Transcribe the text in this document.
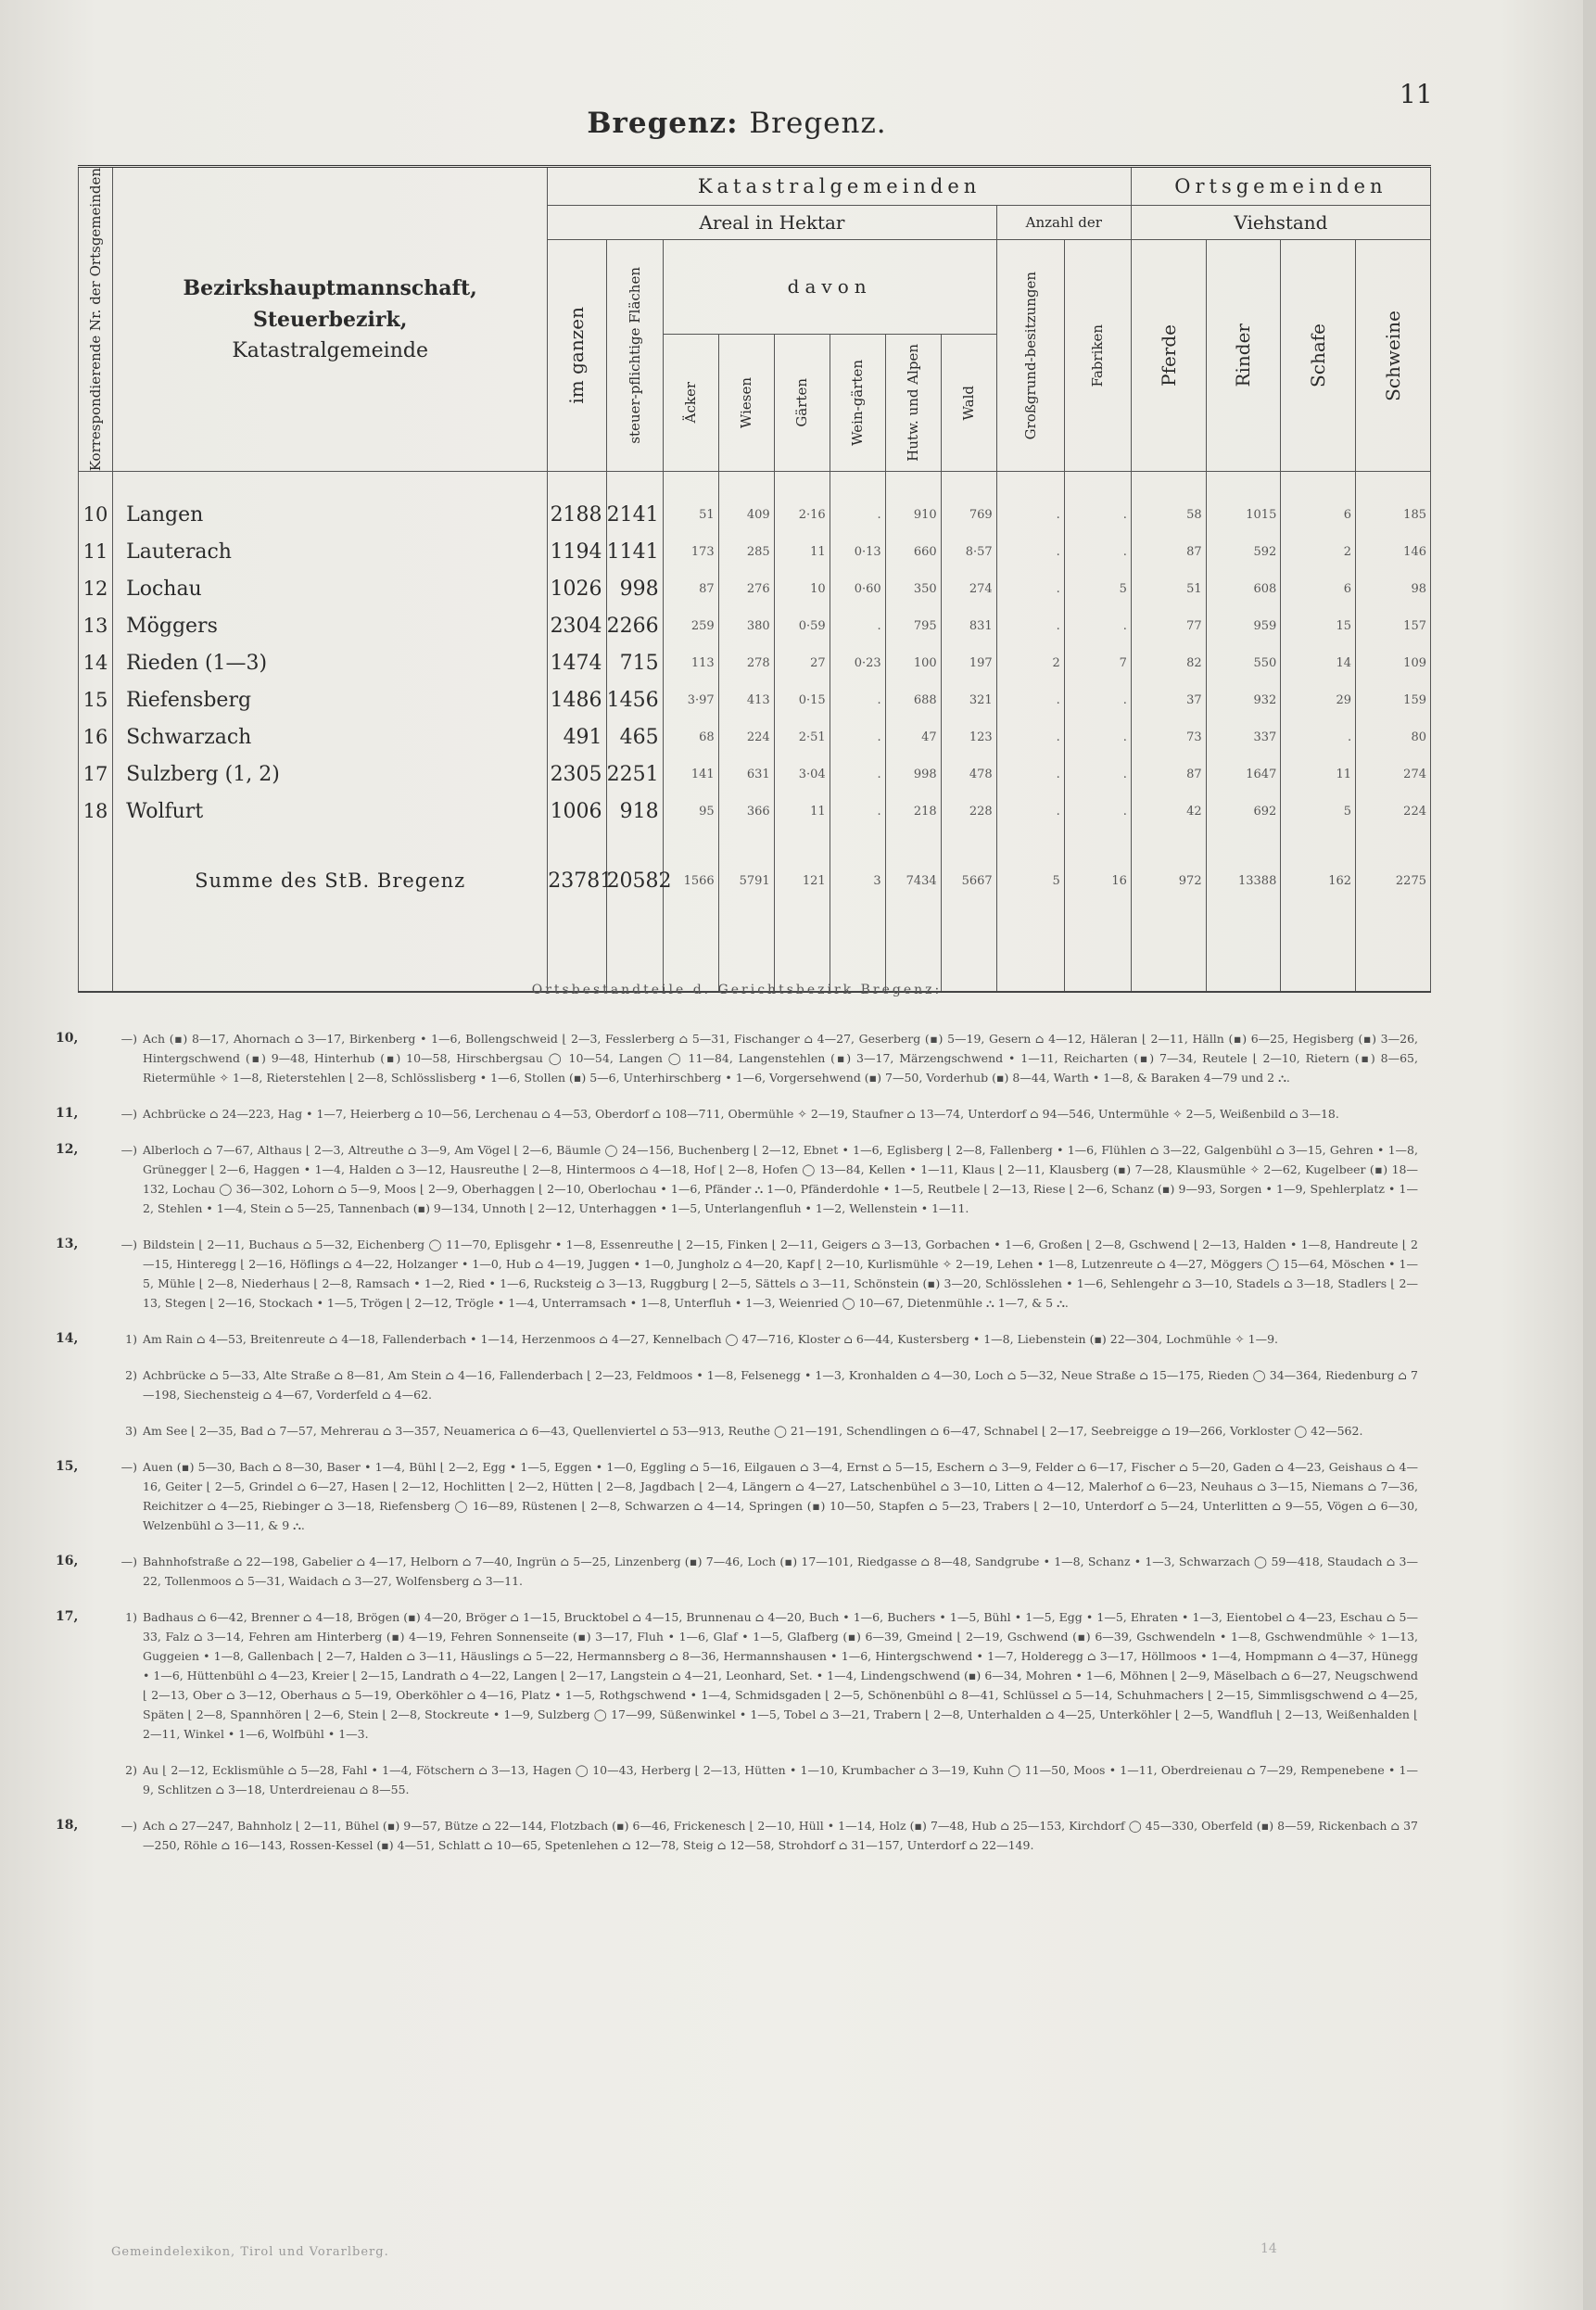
Bregenz: Bregenz.
11
Korrespondierende Nr. der Ortsgemeinden	Bezirkshauptmannschaft,
Steuerbezirk,
Katastralgemeinde	Katastralgemeinden										Ortsgemeinden			
		Areal in Hektar								Anzahl der		Viehstand			

		im ganzen	steuer-pflichtige Flächen	davon						Großgrund-besitzungen	Fabriken	Pferde	Rinder	Schafe	Schweine

				Äcker	Wiesen	Gärten	Wein-gärten	Hutw. und Alpen	Wald						

10	Langen	2188	2141	51	409	2·16	.	910	769	.	.	58	1015	6	185
11	Lauterach	1194	1141	173	285	11	0·13	660	8·57	.	.	87	592	2	146
12	Lochau	1026	998	87	276	10	0·60	350	274	.	5	51	608	6	98
13	Möggers	2304	2266	259	380	0·59	.	795	831	.	.	77	959	15	157
14	Rieden (1—3)	1474	715	113	278	27	0·23	100	197	2	7	82	550	14	109
15	Riefensberg	1486	1456	3·97	413	0·15	.	688	321	.	.	37	932	29	159
16	Schwarzach	491	465	68	224	2·51	.	47	123	.	.	73	337	.	80
17	Sulzberg (1, 2)	2305	2251	141	631	3·04	.	998	478	.	.	87	1647	11	274
18	Wolfurt	1006	918	95	366	11	.	218	228	.	.	42	692	5	224

	Summe des StB. Bregenz	23781	20582	1566	5791	121	3	7434	5667	5	16	972	13388	162	2275

Ortsbestandteile d. Gerichtsbezirk Bregenz:
10,	—) Ach (▪) 8—17, Ahornach ⌂ 3—17, Birkenberg • 1—6, Bollengschweid ⌊ 2—3, Fesslerberg ⌂ 5—31, Fischanger ⌂ 4—27, Geserberg (▪) 5—19, Gesern ⌂ 4—12, Häleran ⌊ 2—11, Hälln (▪) 6—25, Hegisberg (▪) 3—26, Hintergschwend (▪) 9—48, Hinterhub (▪) 10—58, Hirschbergsau ◯ 10—54, Langen ◯ 11—84, Langenstehlen (▪) 3—17, Märzengschwend • 1—11, Reicharten (▪) 7—34, Reutele ⌊ 2—10, Rietern (▪) 8—65, Rietermühle ✧ 1—8, Rieterstehlen ⌊ 2—8, Schlösslisberg • 1—6, Stollen (▪) 5—6, Unterhirschberg • 1—6, Vorgersehwend (▪) 7—50, Vorderhub (▪) 8—44, Warth • 1—8, & Baraken 4—79 und 2 ⛬.
11,	—) Achbrücke ⌂ 24—223, Hag • 1—7, Heierberg ⌂ 10—56, Lerchenau ⌂ 4—53, Oberdorf ⌂ 108—711, Obermühle ✧ 2—19, Staufner ⌂ 13—74, Unterdorf ⌂ 94—546, Untermühle ✧ 2—5, Weißenbild ⌂ 3—18.
12,	—) Alberloch ⌂ 7—67, Althaus ⌊ 2—3, Altreuthe ⌂ 3—9, Am Vögel ⌊ 2—6, Bäumle ◯ 24—156, Buchenberg ⌊ 2—12, Ebnet • 1—6, Eglisberg ⌊ 2—8, Fallenberg • 1—6, Flühlen ⌂ 3—22, Galgenbühl ⌂ 3—15, Gehren • 1—8, Grünegger ⌊ 2—6, Haggen • 1—4, Halden ⌂ 3—12, Hausreuthe ⌊ 2—8, Hintermoos ⌂ 4—18, Hof ⌊ 2—8, Hofen ◯ 13—84, Kellen • 1—11, Klaus ⌊ 2—11, Klausberg (▪) 7—28, Klausmühle ✧ 2—62, Kugelbeer (▪) 18—132, Lochau ◯ 36—302, Lohorn ⌂ 5—9, Moos ⌊ 2—9, Oberhaggen ⌊ 2—10, Oberlochau • 1—6, Pfänder ⛬ 1—0, Pfänderdohle • 1—5, Reutbele ⌊ 2—13, Riese ⌊ 2—6, Schanz (▪) 9—93, Sorgen • 1—9, Spehlerplatz • 1—2, Stehlen • 1—4, Stein ⌂ 5—25, Tannenbach (▪) 9—134, Unnoth ⌊ 2—12, Unterhaggen • 1—5, Unterlangenfluh • 1—2, Wellenstein • 1—11.
13,	—) Bildstein ⌊ 2—11, Buchaus ⌂ 5—32, Eichenberg ◯ 11—70, Eplisgehr • 1—8, Essenreuthe ⌊ 2—15, Finken ⌊ 2—11, Geigers ⌂ 3—13, Gorbachen • 1—6, Großen ⌊ 2—8, Gschwend ⌊ 2—13, Halden • 1—8, Handreute ⌊ 2—15, Hinteregg ⌊ 2—16, Höflings ⌂ 4—22, Holzanger • 1—0, Hub ⌂ 4—19, Juggen • 1—0, Jungholz ⌂ 4—20, Kapf ⌊ 2—10, Kurlismühle ✧ 2—19, Lehen • 1—8, Lutzenreute ⌂ 4—27, Möggers ◯ 15—64, Möschen • 1—5, Mühle ⌊ 2—8, Niederhaus ⌊ 2—8, Ramsach • 1—2, Ried • 1—6, Rucksteig ⌂ 3—13, Ruggburg ⌊ 2—5, Sättels ⌂ 3—11, Schönstein (▪) 3—20, Schlösslehen • 1—6, Sehlengehr ⌂ 3—10, Stadels ⌂ 3—18, Stadlers ⌊ 2—13, Stegen ⌊ 2—16, Stockach • 1—5, Trögen ⌊ 2—12, Trögle • 1—4, Unterramsach • 1—8, Unterfluh • 1—3, Weienried ◯ 10—67, Dietenmühle ⛬ 1—7, & 5 ⛬.
14,	1) Am Rain ⌂ 4—53, Breitenreute ⌂ 4—18, Fallenderbach • 1—14, Herzenmoos ⌂ 4—27, Kennelbach ◯ 47—716, Kloster ⌂ 6—44, Kustersberg • 1—8, Liebenstein (▪) 22—304, Lochmühle ✧ 1—9.
2) Achbrücke ⌂ 5—33, Alte Straße ⌂ 8—81, Am Stein ⌂ 4—16, Fallenderbach ⌊ 2—23, Feldmoos • 1—8, Felsenegg • 1—3, Kronhalden ⌂ 4—30, Loch ⌂ 5—32, Neue Straße ⌂ 15—175, Rieden ◯ 34—364, Riedenburg ⌂ 7—198, Siechensteig ⌂ 4—67, Vorderfeld ⌂ 4—62.
3) Am See ⌊ 2—35, Bad ⌂ 7—57, Mehrerau ⌂ 3—357, Neuamerica ⌂ 6—43, Quellenviertel ⌂ 53—913, Reuthe ◯ 21—191, Schendlingen ⌂ 6—47, Schnabel ⌊ 2—17, Seebreigge ⌂ 19—266, Vorkloster ◯ 42—562.
15,	—) Auen (▪) 5—30, Bach ⌂ 8—30, Baser • 1—4, Bühl ⌊ 2—2, Egg • 1—5, Eggen • 1—0, Eggling ⌂ 5—16, Eilgauen ⌂ 3—4, Ernst ⌂ 5—15, Eschern ⌂ 3—9, Felder ⌂ 6—17, Fischer ⌂ 5—20, Gaden ⌂ 4—23, Geishaus ⌂ 4—16, Geiter ⌊ 2—5, Grindel ⌂ 6—27, Hasen ⌊ 2—12, Hochlitten ⌊ 2—2, Hütten ⌊ 2—8, Jagdbach ⌊ 2—4, Längern ⌂ 4—27, Latschenbühel ⌂ 3—10, Litten ⌂ 4—12, Malerhof ⌂ 6—23, Neuhaus ⌂ 3—15, Niemans ⌂ 7—36, Reichitzer ⌂ 4—25, Riebinger ⌂ 3—18, Riefensberg ◯ 16—89, Rüstenen ⌊ 2—8, Schwarzen ⌂ 4—14, Springen (▪) 10—50, Stapfen ⌂ 5—23, Trabers ⌊ 2—10, Unterdorf ⌂ 5—24, Unterlitten ⌂ 9—55, Vögen ⌂ 6—30, Welzenbühl ⌂ 3—11, & 9 ⛬.
16,	—) Bahnhofstraße ⌂ 22—198, Gabelier ⌂ 4—17, Helborn ⌂ 7—40, Ingrün ⌂ 5—25, Linzenberg (▪) 7—46, Loch (▪) 17—101, Riedgasse ⌂ 8—48, Sandgrube • 1—8, Schanz • 1—3, Schwarzach ◯ 59—418, Staudach ⌂ 3—22, Tollenmoos ⌂ 5—31, Waidach ⌂ 3—27, Wolfensberg ⌂ 3—11.
17,	1) Badhaus ⌂ 6—42, Brenner ⌂ 4—18, Brögen (▪) 4—20, Bröger ⌂ 1—15, Brucktobel ⌂ 4—15, Brunnenau ⌂ 4—20, Buch • 1—6, Buchers • 1—5, Bühl • 1—5, Egg • 1—5, Ehraten • 1—3, Eientobel ⌂ 4—23, Eschau ⌂ 5—33, Falz ⌂ 3—14, Fehren am Hinterberg (▪) 4—19, Fehren Sonnenseite (▪) 3—17, Fluh • 1—6, Glaf • 1—5, Glafberg (▪) 6—39, Gmeind ⌊ 2—19, Gschwend (▪) 6—39, Gschwendeln • 1—8, Gschwendmühle ✧ 1—13, Guggeien • 1—8, Gallenbach ⌊ 2—7, Halden ⌂ 3—11, Häuslings ⌂ 5—22, Hermannsberg ⌂ 8—36, Hermannshausen • 1—6, Hintergschwend • 1—7, Holderegg ⌂ 3—17, Höllmoos • 1—4, Hompmann ⌂ 4—37, Hünegg • 1—6, Hüttenbühl ⌂ 4—23, Kreier ⌊ 2—15, Landrath ⌂ 4—22, Langen ⌊ 2—17, Langstein ⌂ 4—21, Leonhard, Set. • 1—4, Lindengschwend (▪) 6—34, Mohren • 1—6, Möhnen ⌊ 2—9, Mäselbach ⌂ 6—27, Neugschwend ⌊ 2—13, Ober ⌂ 3—12, Oberhaus ⌂ 5—19, Oberköhler ⌂ 4—16, Platz • 1—5, Rothgschwend • 1—4, Schmidsgaden ⌊ 2—5, Schönenbühl ⌂ 8—41, Schlüssel ⌂ 5—14, Schuhmachers ⌊ 2—15, Simmlisgschwend ⌂ 4—25, Späten ⌊ 2—8, Spannhören ⌊ 2—6, Stein ⌊ 2—8, Stockreute • 1—9, Sulzberg ◯ 17—99, Süßenwinkel • 1—5, Tobel ⌂ 3—21, Trabern ⌊ 2—8, Unterhalden ⌂ 4—25, Unterköhler ⌊ 2—5, Wandfluh ⌊ 2—13, Weißenhalden ⌊ 2—11, Winkel • 1—6, Wolfbühl • 1—3.
2) Au ⌊ 2—12, Ecklismühle ⌂ 5—28, Fahl • 1—4, Fötschern ⌂ 3—13, Hagen ◯ 10—43, Herberg ⌊ 2—13, Hütten • 1—10, Krumbacher ⌂ 3—19, Kuhn ◯ 11—50, Moos • 1—11, Oberdreienau ⌂ 7—29, Rempenebene • 1—9, Schlitzen ⌂ 3—18, Unterdreienau ⌂ 8—55.
18,	—) Ach ⌂ 27—247, Bahnholz ⌊ 2—11, Bühel (▪) 9—57, Bütze ⌂ 22—144, Flotzbach (▪) 6—46, Frickenesch ⌊ 2—10, Hüll • 1—14, Holz (▪) 7—48, Hub ⌂ 25—153, Kirchdorf ◯ 45—330, Oberfeld (▪) 8—59, Rickenbach ⌂ 37—250, Röhle ⌂ 16—143, Rossen-Kessel (▪) 4—51, Schlatt ⌂ 10—65, Spetenlehen ⌂ 12—78, Steig ⌂ 12—58, Strohdorf ⌂ 31—157, Unterdorf ⌂ 22—149.
Gemeindelexikon, Tirol und Vorarlberg.	14
